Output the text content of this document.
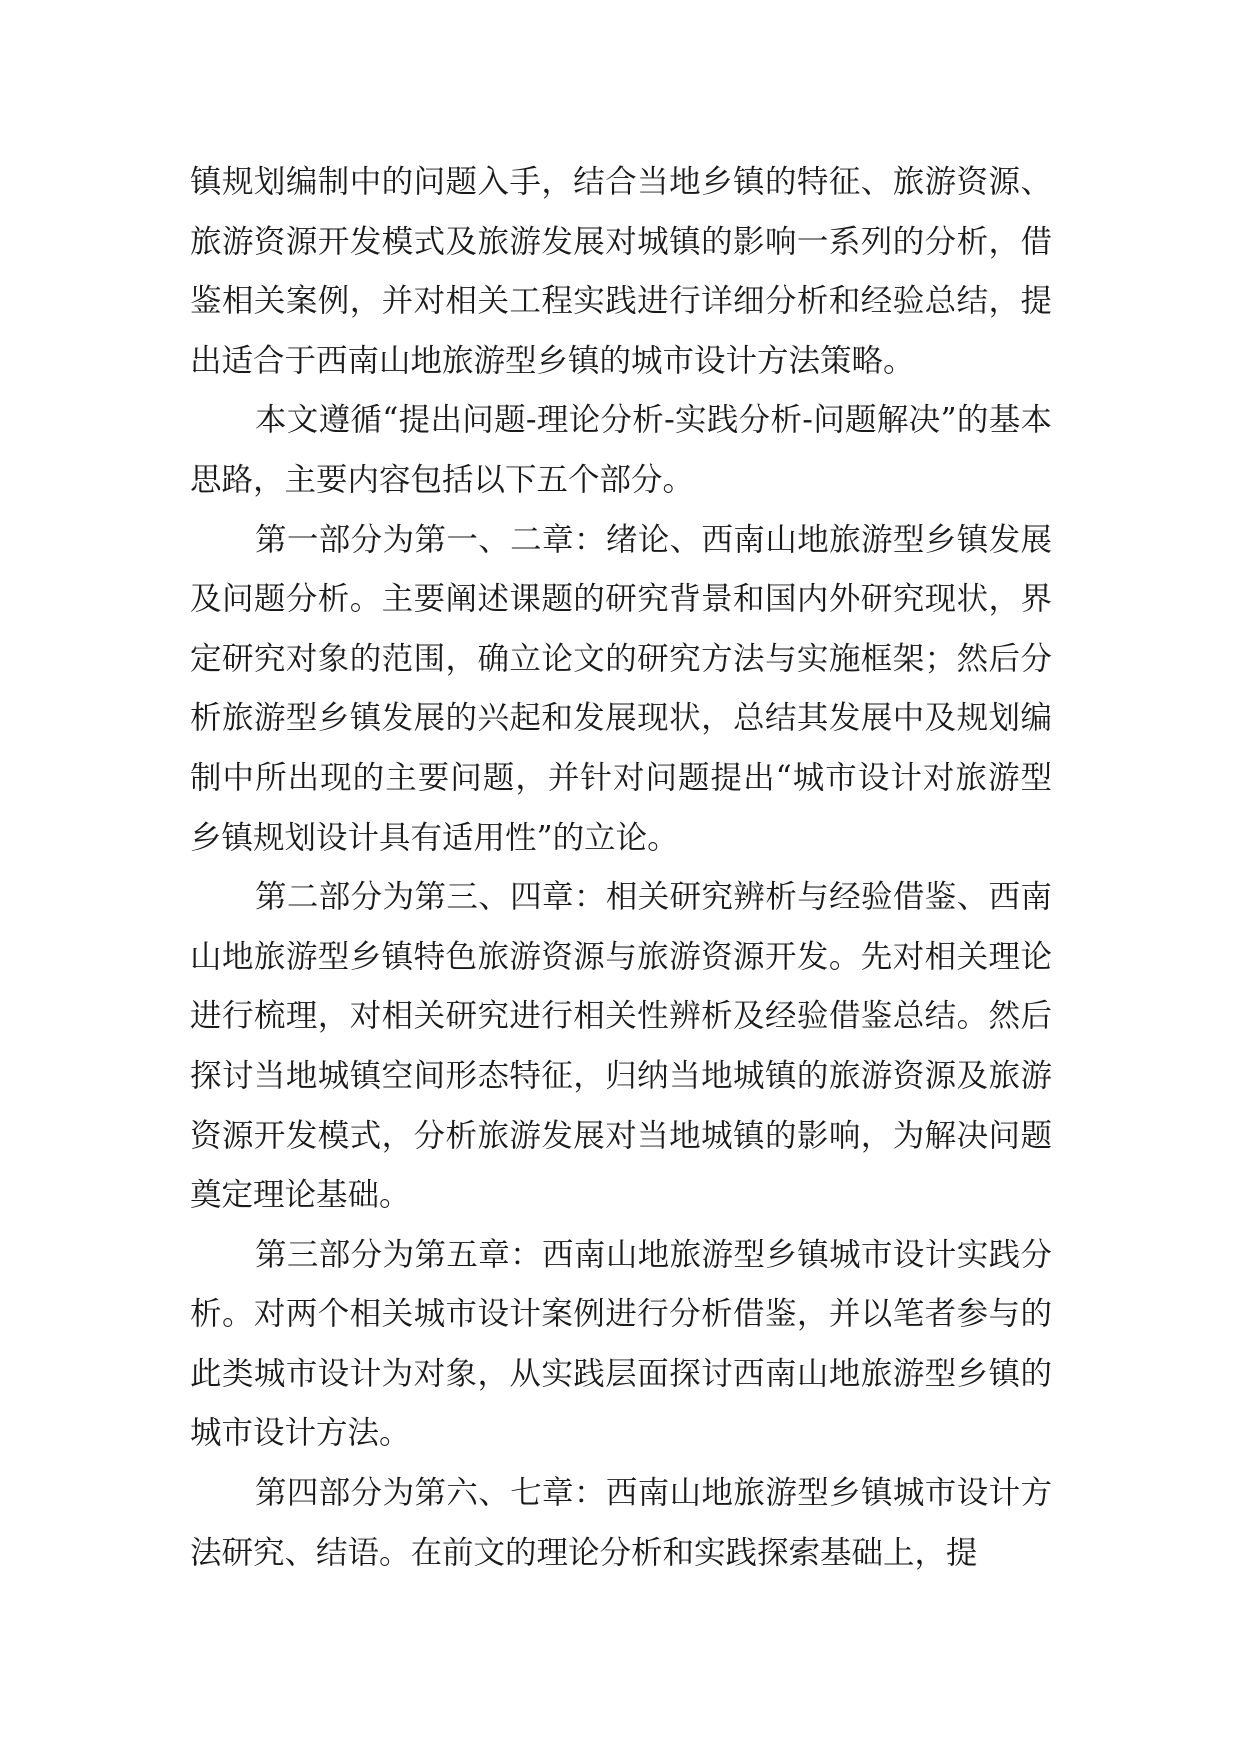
镇规划编制中的问题入手，结合当地乡镇的特征、旅游资源、旅游资源开发模式及旅游发展对城镇的影响一系列的分析，借鉴相关案例，并对相关工程实践进行详细分析和经验总结，提出适合于西南山地旅游型乡镇的城市设计方法策略。

本文遵循“提出问题-理论分析-实践分析-问题解决”的基本思路，主要内容包括以下五个部分。

第一部分为第一、二章：绪论、西南山地旅游型乡镇发展及问题分析。主要阐述课题的研究背景和国内外研究现状，界定研究对象的范围，确立论文的研究方法与实施框架；然后分析旅游型乡镇发展的兴起和发展现状，总结其发展中及规划编制中所出现的主要问题，并针对问题提出“城市设计对旅游型乡镇规划设计具有适用性”的立论。

第二部分为第三、四章：相关研究辨析与经验借鉴、西南山地旅游型乡镇特色旅游资源与旅游资源开发。先对相关理论进行梳理，对相关研究进行相关性辨析及经验借鉴总结。然后探讨当地城镇空间形态特征，归纳当地城镇的旅游资源及旅游资源开发模式，分析旅游发展对当地城镇的影响，为解决问题奠定理论基础。

第三部分为第五章：西南山地旅游型乡镇城市设计实践分析。对两个相关城市设计案例进行分析借鉴，并以笔者参与的此类城市设计为对象，从实践层面探讨西南山地旅游型乡镇的城市设计方法。

第四部分为第六、七章：西南山地旅游型乡镇城市设计方法研究、结语。在前文的理论分析和实践探索基础上，提
